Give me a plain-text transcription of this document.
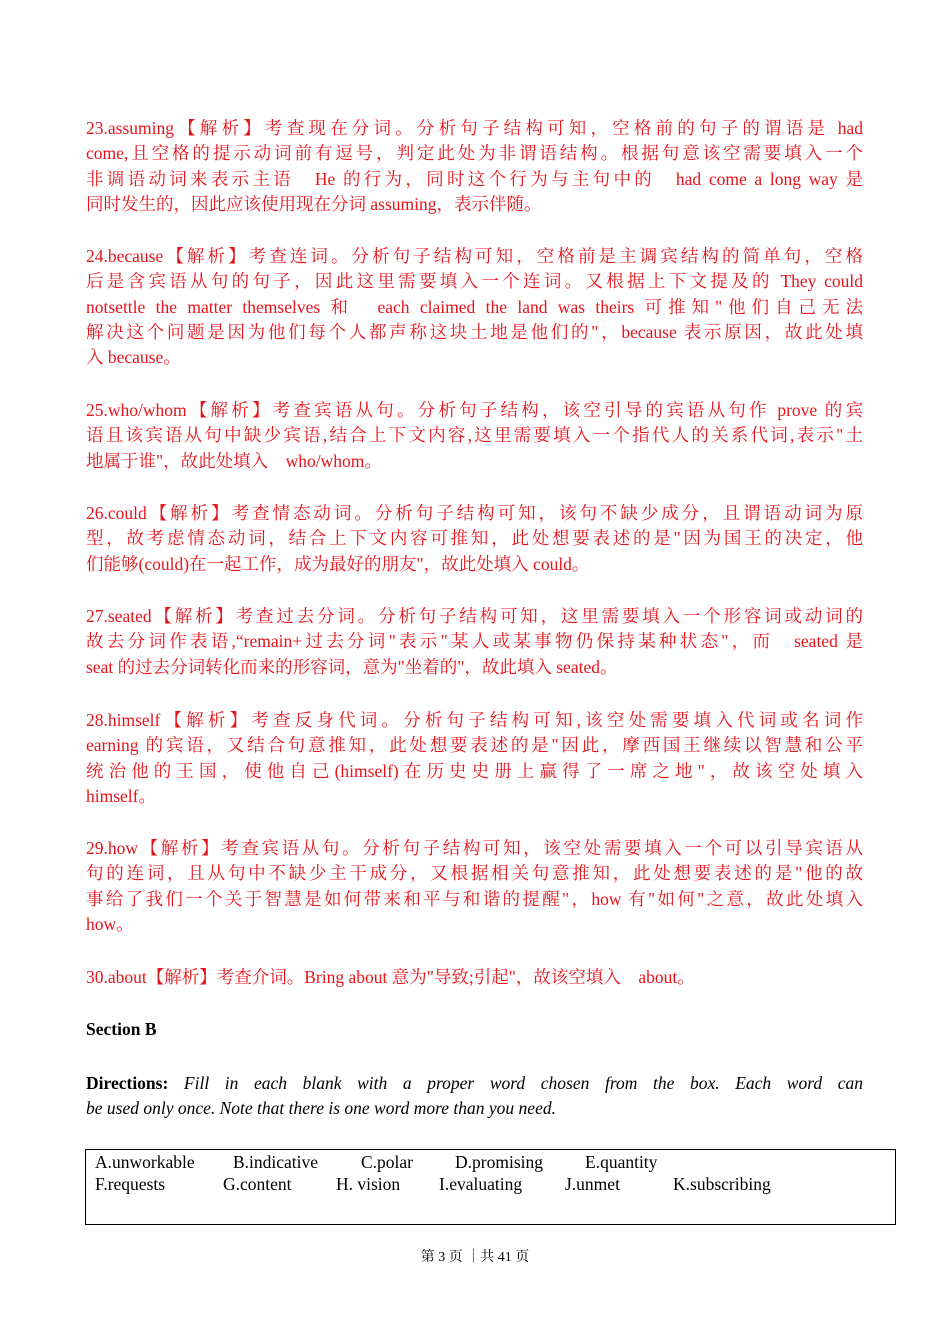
23.assuming【解析】考查现在分词。分析句子结构可知，空格前的句子的谓语是 had
come,且空格的提示动词前有逗号，判定此处为非谓语结构。根据句意该空需要填入一个
非调语动词来表示主语　He 的行为，同时这个行为与主句中的　had come a long way 是
同时发生的，因此应该使用现在分词 assuming，表示伴随。
24.because【解析】考查连词。分析句子结构可知，空格前是主调宾结构的简单句，空格
后是含宾语从句的句子，因此这里需要填入一个连词。又根据上下文提及的 They could
notsettle the matter themselves 和　each claimed the land was theirs 可推知"他们自己无法
解决这个问题是因为他们每个人都声称这块土地是他们的"，because 表示原因，故此处填
入 because。
25.who/whom【解析】考查宾语从句。分析句子结构，该空引导的宾语从句作 prove 的宾
语且该宾语从句中缺少宾语,结合上下文内容,这里需要填入一个指代人的关系代词,表示"土
地属于谁"，故此处填入　who/whom。
26.could【解析】考查情态动词。分析句子结构可知，该句不缺少成分，且谓语动词为原
型，故考虑情态动词，结合上下文内容可推知，此处想要表述的是"因为国王的决定，他
们能够(could)在一起工作，成为最好的朋友"，故此处填入 could。
27.seated【解析】考查过去分词。分析句子结构可知，这里需要填入一个形容词或动词的
故去分词作表语,“remain+过去分词"表示"某人或某事物仍保持某种状态"，而　seated 是
seat 的过去分词转化而来的形容词，意为"坐着的"，故此填入 seated。
28.himself【解析】考查反身代词。分析句子结构可知,该空处需要填入代词或名词作
earning 的宾语，又结合句意推知，此处想要表述的是"因此，摩西国王继续以智慧和公平
统治他的王国，使他自己(himself)在历史史册上赢得了一席之地"，故该空处填入
himself。
29.how【解析】考查宾语从句。分析句子结构可知，该空处需要填入一个可以引导宾语从
句的连词，且从句中不缺少主干成分，又根据相关句意推知，此处想要表述的是"他的故
事给了我们一个关于智慧是如何带来和平与和谐的提醒"，how 有"如何"之意，故此处填入
how。
30.about【解析】考查介词。Bring about 意为"导致;引起"，故该空填入　about。
Section B
Directions: Fill in each blank with a proper word chosen from the box. Each word can
be used only once. Note that there is one word more than you need.
A.unworkable B.indicative C.polar D.promising E.quantity
F.requests	G.content	H. vision I.evaluating J.unmet	K.subscribing
第 3 页 ｜共 41 页
